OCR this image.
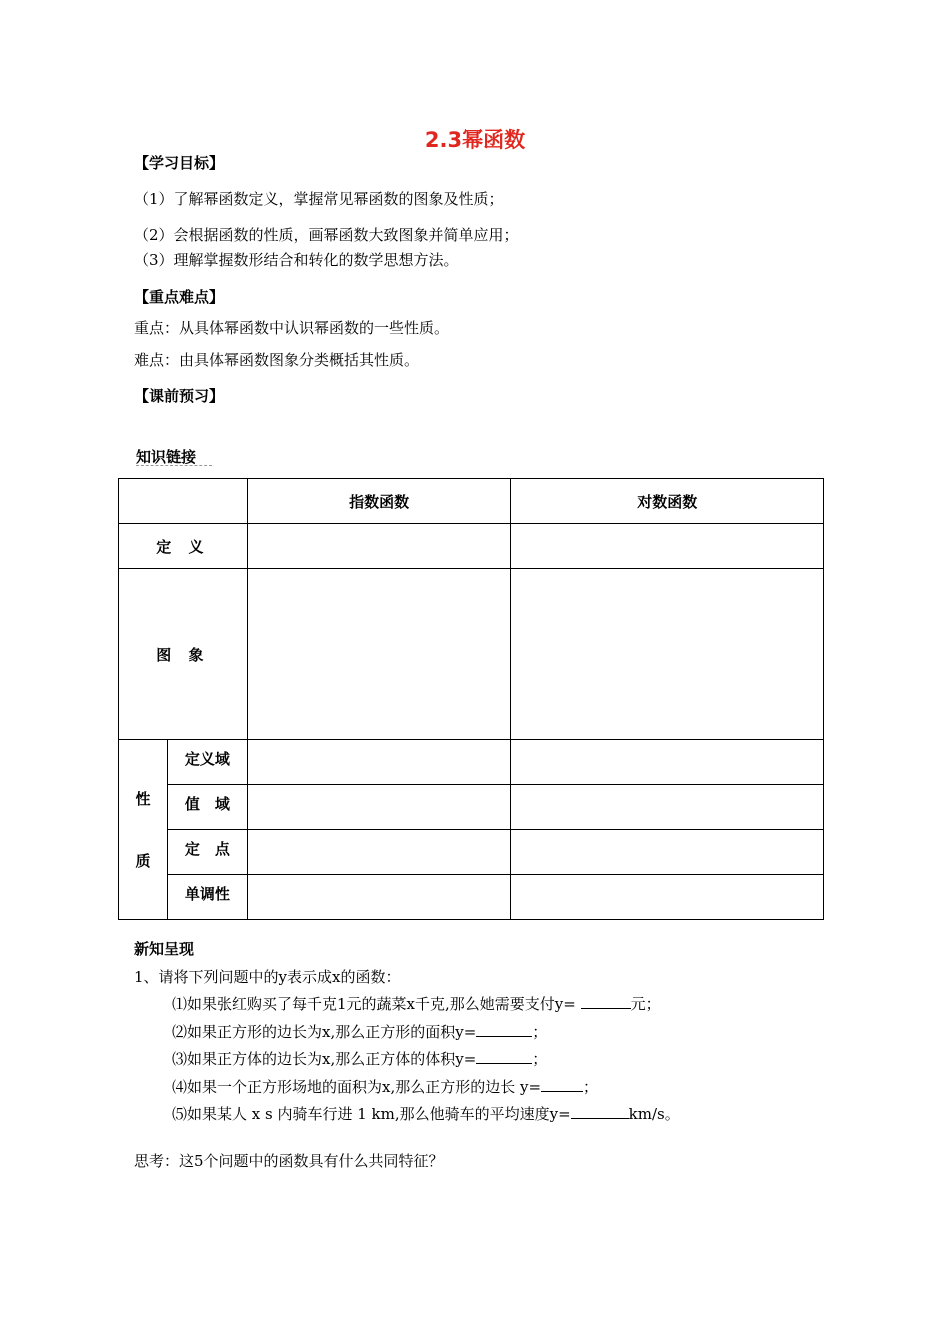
2.3幂函数
【学习目标】
（1）了解幂函数定义，掌握常见幂函数的图象及性质；
（2）会根据函数的性质，画幂函数大致图象并简单应用；
（3）理解掌握数形结合和转化的数学思想方法。
【重点难点】
重点：从具体幂函数中认识幂函数的一些性质。
难点：由具体幂函数图象分类概括其性质。
【课前预习】
知识链接
		指数函数	对数函数
定 义			
图 象			
性
质	定义域		
	值　域		
	定　点		
	单调性		
新知呈现
1、请将下列问题中的y表示成x的函数：
⑴如果张红购买了每千克1元的蔬菜x千克,那么她需要支付y=	元；
⑵如果正方形的边长为x,那么正方形的面积y=	；
⑶如果正方体的边长为x,那么正方体的体积y=	；
⑷如果一个正方形场地的面积为x,那么正方形的边长 y=	；
⑸如果某人 x s 内骑车行进 1 km,那么他骑车的平均速度y=	km/s。
思考：这5个问题中的函数具有什么共同特征？
